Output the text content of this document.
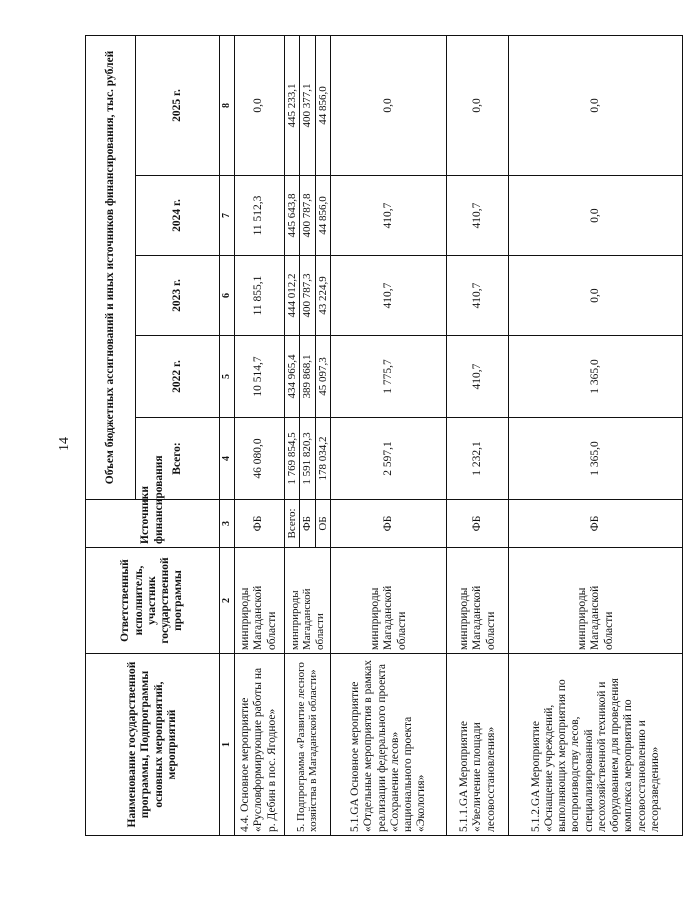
14
Наименование государственной программы, Подпрограммы основных мероприятий, мероприятий	Ответственный исполнитель, участник государственной программы	Источники финансирования	Объем бюджетных ассигнований и иных источников финансирования, тыс. рублей				
			Всего:	2022 г.	2023 г.	2024 г.	2025 г.
1	2	3	4	5	6	7	8
4.4. Основное мероприятие «Русловформирующие работы на р. Дебин в пос. Ягодное»	минприроды Магаданской области	ФБ	46 080,0	10 514,7	11 855,1	11 512,3	0,0
5. Подпрограмма «Развитие лесного хозяйства в Магаданской области»	минприроды Магаданской области	Всего:	1 769 854,5	434 965,4	444 012,2	445 643,8	445 233,1
		ФБ	1 591 820,3	389 868,1	400 787,3	400 787,8	400 377,1
		ОБ	178 034,2	45 097,3	43 224,9	44 856,0	44 856,0
5.1.GA Основное мероприятие «Отдельные мероприятия в рамках реализации федерального проекта «Сохранение лесов» национального проекта «Экология»	минприроды Магаданской области	ФБ	2 597,1	1 775,7	410,7	410,7	0,0
5.1.1.GA Мероприятие «Увеличение площади лесовосстановления»	минприроды Магаданской области	ФБ	1 232,1	410,7	410,7	410,7	0,0
5.1.2.GA Мероприятие «Оснащение учреждений, выполняющих мероприятия по воспроизводству лесов, специализированной лесохозяйственной техникой и оборудованием для проведения комплекса мероприятий по лесовосстановлению и лесоразведению»	минприроды Магаданской области	ФБ	1 365,0	1 365,0	0,0	0,0	0,0
